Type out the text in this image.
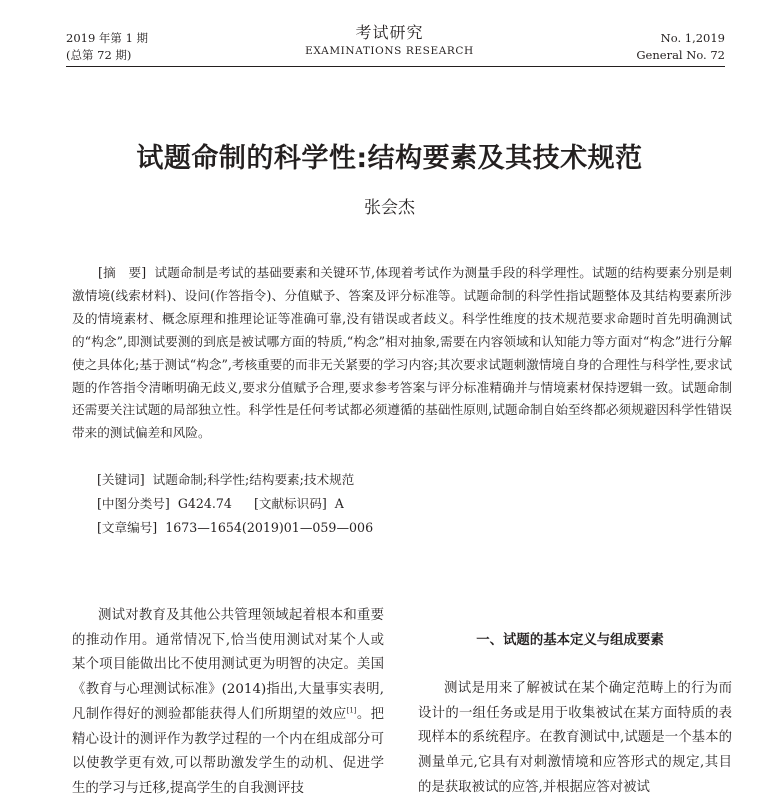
2019 年第 1 期
(总第 72 期)
考试研究
EXAMINATIONS RESEARCH
No. 1,2019
General No. 72
试题命制的科学性:结构要素及其技术规范
张会杰

[摘　要] 试题命制是考试的基础要素和关键环节,体现着考试作为测量手段的科学理性。试题的结构要素分别是刺激情境(线索材料)、设问(作答指令)、分值赋予、答案及评分标准等。试题命制的科学性指试题整体及其结构要素所涉及的情境素材、概念原理和推理论证等准确可靠,没有错误或者歧义。科学性维度的技术规范要求命题时首先明确测试的“构念”,即测试要测的到底是被试哪方面的特质,“构念”相对抽象,需要在内容领域和认知能力等方面对“构念”进行分解使之具体化;基于测试“构念”,考核重要的而非无关紧要的学习内容;其次要求试题刺激情境自身的合理性与科学性,要求试题的作答指令清晰明确无歧义,要求分值赋予合理,要求参考答案与评分标准精确并与情境素材保持逻辑一致。试题命制还需要关注试题的局部独立性。科学性是任何考试都必须遵循的基础性原则,试题命制自始至终都必须规避因科学性错误带来的测试偏差和风险。

[关键词] 试题命制;科学性;结构要素;技术规范
[中图分类号] G424.74 [文献标识码] A
[文章编号] 1673—1654(2019)01—059—006

测试对教育及其他公共管理领域起着根本和重要的推动作用。通常情况下,恰当使用测试对某个人或某个项目能做出比不使用测试更为明智的决定。美国《教育与心理测试标准》(2014)指出,大量事实表明,凡制作得好的测验都能获得人们所期望的效应[1]。把精心设计的测评作为教学过程的一个内在组成部分可以使教学更有效,可以帮助激发学生的动机、促进学生的学习与迁移,提高学生的自我测评技

一、试题的基本定义与组成要素

测试是用来了解被试在某个确定范畴上的行为而设计的一组任务或是用于收集被试在某方面特质的表现样本的系统程序。在教育测试中,试题是一个基本的测量单元,它具有对刺激情境和应答形式的规定,其目的是获取被试的应答,并根据应答对被试
